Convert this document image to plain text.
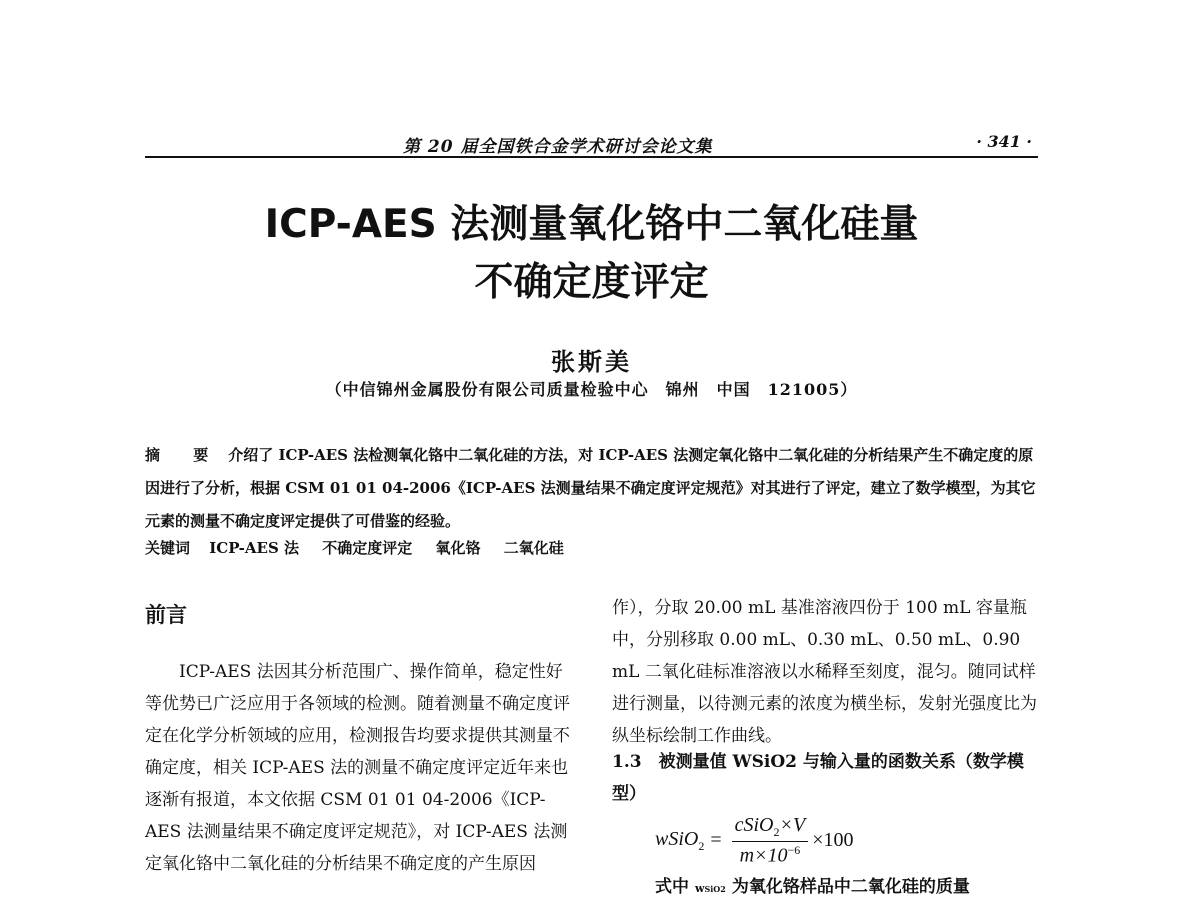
第 20 届全国铁合金学术研讨会论文集	· 341 ·
ICP-AES 法测量氧化铬中二氧化硅量
不确定度评定
张斯美
（中信锦州金属股份有限公司质量检验中心　锦州　中国　121005）
摘 要 介绍了 ICP-AES 法检测氧化铬中二氧化硅的方法，对 ICP-AES 法测定氧化铬中二氧化硅的分析结果产生不确定度的原因进行了分析，根据 CSM 01 01 04-2006《ICP-AES 法测量结果不确定度评定规范》对其进行了评定，建立了数学模型，为其它元素的测量不确定度评定提供了可借鉴的经验。
关键词 ICP-AES 法 不确定度评定 氧化铬 二氧化硅
前言
ICP-AES 法因其分析范围广、操作简单，稳定性好等优势已广泛应用于各领域的检测。随着测量不确定度评定在化学分析领域的应用，检测报告均要求提供其测量不确定度，相关 ICP-AES 法的测量不确定度评定近年来也逐渐有报道，本文依据 CSM 01 01 04-2006《ICP-AES 法测量结果不确定度评定规范》，对 ICP-AES 法测定氧化铬中二氧化硅的分析结果不确定度的产生原因
作），分取 20.00 mL 基准溶液四份于 100 mL 容量瓶中，分别移取 0.00 mL、0.30 mL、0.50 mL、0.90 mL 二氧化硅标准溶液以水稀释至刻度，混匀。随同试样进行测量，以待测元素的浓度为横坐标，发射光强度比为纵坐标绘制工作曲线。
1.3　被测量值 WSiO2 与输入量的函数关系（数学模型）
wSiO$_2$ = $\frac{cSiO_2\times V}{m\times 10^{-6}} \times 100$
式中 wSiO2 为氧化铬样品中二氧化硅的质量
